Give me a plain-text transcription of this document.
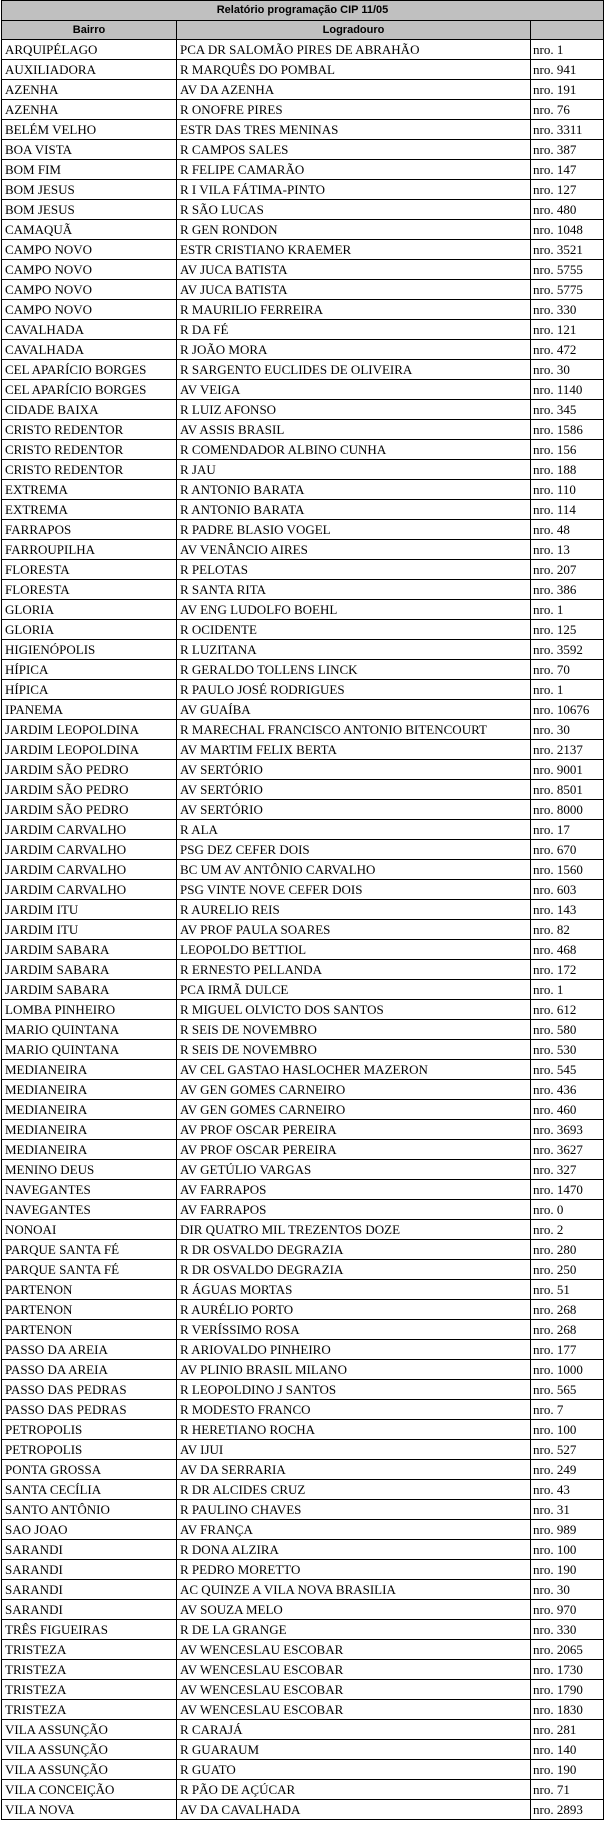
Relatório programação CIP 11/05		
Bairro	Logradouro	
ARQUIPÉLAGO	PCA DR SALOMÃO PIRES DE ABRAHÃO	nro. 1
AUXILIADORA	R MARQUÊS DO POMBAL	nro. 941
AZENHA	AV DA AZENHA	nro. 191
AZENHA	R ONOFRE PIRES	nro. 76
BELÉM VELHO	ESTR DAS TRES MENINAS	nro. 3311
BOA VISTA	R CAMPOS SALES	nro. 387
BOM FIM	R FELIPE CAMARÃO	nro. 147
BOM JESUS	R I VILA FÁTIMA-PINTO	nro. 127
BOM JESUS	R SÃO LUCAS	nro. 480
CAMAQUÃ	R GEN RONDON	nro. 1048
CAMPO NOVO	ESTR CRISTIANO KRAEMER	nro. 3521
CAMPO NOVO	AV JUCA BATISTA	nro. 5755
CAMPO NOVO	AV JUCA BATISTA	nro. 5775
CAMPO NOVO	R MAURILIO FERREIRA	nro. 330
CAVALHADA	R DA FÉ	nro. 121
CAVALHADA	R JOÃO MORA	nro. 472
CEL APARÍCIO BORGES	R SARGENTO EUCLIDES DE OLIVEIRA	nro. 30
CEL APARÍCIO BORGES	AV VEIGA	nro. 1140
CIDADE BAIXA	R LUIZ AFONSO	nro. 345
CRISTO REDENTOR	AV ASSIS BRASIL	nro. 1586
CRISTO REDENTOR	R COMENDADOR ALBINO CUNHA	nro. 156
CRISTO REDENTOR	R JAU	nro. 188
EXTREMA	R ANTONIO BARATA	nro. 110
EXTREMA	R ANTONIO BARATA	nro. 114
FARRAPOS	R PADRE BLASIO VOGEL	nro. 48
FARROUPILHA	AV VENÂNCIO AIRES	nro. 13
FLORESTA	R PELOTAS	nro. 207
FLORESTA	R SANTA RITA	nro. 386
GLORIA	AV ENG LUDOLFO BOEHL	nro. 1
GLORIA	R OCIDENTE	nro. 125
HIGIENÓPOLIS	R LUZITANA	nro. 3592
HÍPICA	R GERALDO TOLLENS LINCK	nro. 70
HÍPICA	R PAULO JOSÉ RODRIGUES	nro. 1
IPANEMA	AV GUAÍBA	nro. 10676
JARDIM LEOPOLDINA	R MARECHAL FRANCISCO ANTONIO BITENCOURT	nro. 30
JARDIM LEOPOLDINA	AV MARTIM FELIX BERTA	nro. 2137
JARDIM SÃO PEDRO	AV SERTÓRIO	nro. 9001
JARDIM SÃO PEDRO	AV SERTÓRIO	nro. 8501
JARDIM SÃO PEDRO	AV SERTÓRIO	nro. 8000
JARDIM CARVALHO	R ALA	nro. 17
JARDIM CARVALHO	PSG DEZ CEFER DOIS	nro. 670
JARDIM CARVALHO	BC UM AV ANTÔNIO CARVALHO	nro. 1560
JARDIM CARVALHO	PSG VINTE NOVE CEFER DOIS	nro. 603
JARDIM ITU	R AURELIO REIS	nro. 143
JARDIM ITU	AV PROF PAULA SOARES	nro. 82
JARDIM SABARA	LEOPOLDO BETTIOL	nro. 468
JARDIM SABARA	R ERNESTO PELLANDA	nro. 172
JARDIM SABARA	PCA IRMÃ DULCE	nro. 1
LOMBA PINHEIRO	R MIGUEL OLVICTO DOS SANTOS	nro. 612
MARIO QUINTANA	R SEIS DE NOVEMBRO	nro. 580
MARIO QUINTANA	R SEIS DE NOVEMBRO	nro. 530
MEDIANEIRA	AV CEL GASTAO HASLOCHER MAZERON	nro. 545
MEDIANEIRA	AV GEN GOMES CARNEIRO	nro. 436
MEDIANEIRA	AV GEN GOMES CARNEIRO	nro. 460
MEDIANEIRA	AV PROF OSCAR PEREIRA	nro. 3693
MEDIANEIRA	AV PROF OSCAR PEREIRA	nro. 3627
MENINO DEUS	AV GETÚLIO VARGAS	nro. 327
NAVEGANTES	AV FARRAPOS	nro. 1470
NAVEGANTES	AV FARRAPOS	nro. 0
NONOAI	DIR QUATRO MIL TREZENTOS DOZE	nro. 2
PARQUE SANTA FÉ	R DR OSVALDO DEGRAZIA	nro. 280
PARQUE SANTA FÉ	R DR OSVALDO DEGRAZIA	nro. 250
PARTENON	R ÁGUAS MORTAS	nro. 51
PARTENON	R AURÉLIO PORTO	nro. 268
PARTENON	R VERÍSSIMO ROSA	nro. 268
PASSO DA AREIA	R ARIOVALDO PINHEIRO	nro. 177
PASSO DA AREIA	AV PLINIO BRASIL MILANO	nro. 1000
PASSO DAS PEDRAS	R LEOPOLDINO J SANTOS	nro. 565
PASSO DAS PEDRAS	R MODESTO FRANCO	nro. 7
PETROPOLIS	R HERETIANO ROCHA	nro. 100
PETROPOLIS	AV IJUI	nro. 527
PONTA GROSSA	AV DA SERRARIA	nro. 249
SANTA CECÍLIA	R DR ALCIDES CRUZ	nro. 43
SANTO ANTÔNIO	R PAULINO CHAVES	nro. 31
SAO JOAO	AV FRANÇA	nro. 989
SARANDI	R DONA ALZIRA	nro. 100
SARANDI	R PEDRO MORETTO	nro. 190
SARANDI	AC QUINZE A VILA NOVA BRASILIA	nro. 30
SARANDI	AV SOUZA MELO	nro. 970
TRÊS FIGUEIRAS	R DE LA GRANGE	nro. 330
TRISTEZA	AV WENCESLAU ESCOBAR	nro. 2065
TRISTEZA	AV WENCESLAU ESCOBAR	nro. 1730
TRISTEZA	AV WENCESLAU ESCOBAR	nro. 1790
TRISTEZA	AV WENCESLAU ESCOBAR	nro. 1830
VILA ASSUNÇÃO	R CARAJÁ	nro. 281
VILA ASSUNÇÃO	R GUARAUM	nro. 140
VILA ASSUNÇÃO	R GUATO	nro. 190
VILA CONCEIÇÃO	R PÃO DE AÇÚCAR	nro. 71
VILA NOVA	AV DA CAVALHADA	nro. 2893
